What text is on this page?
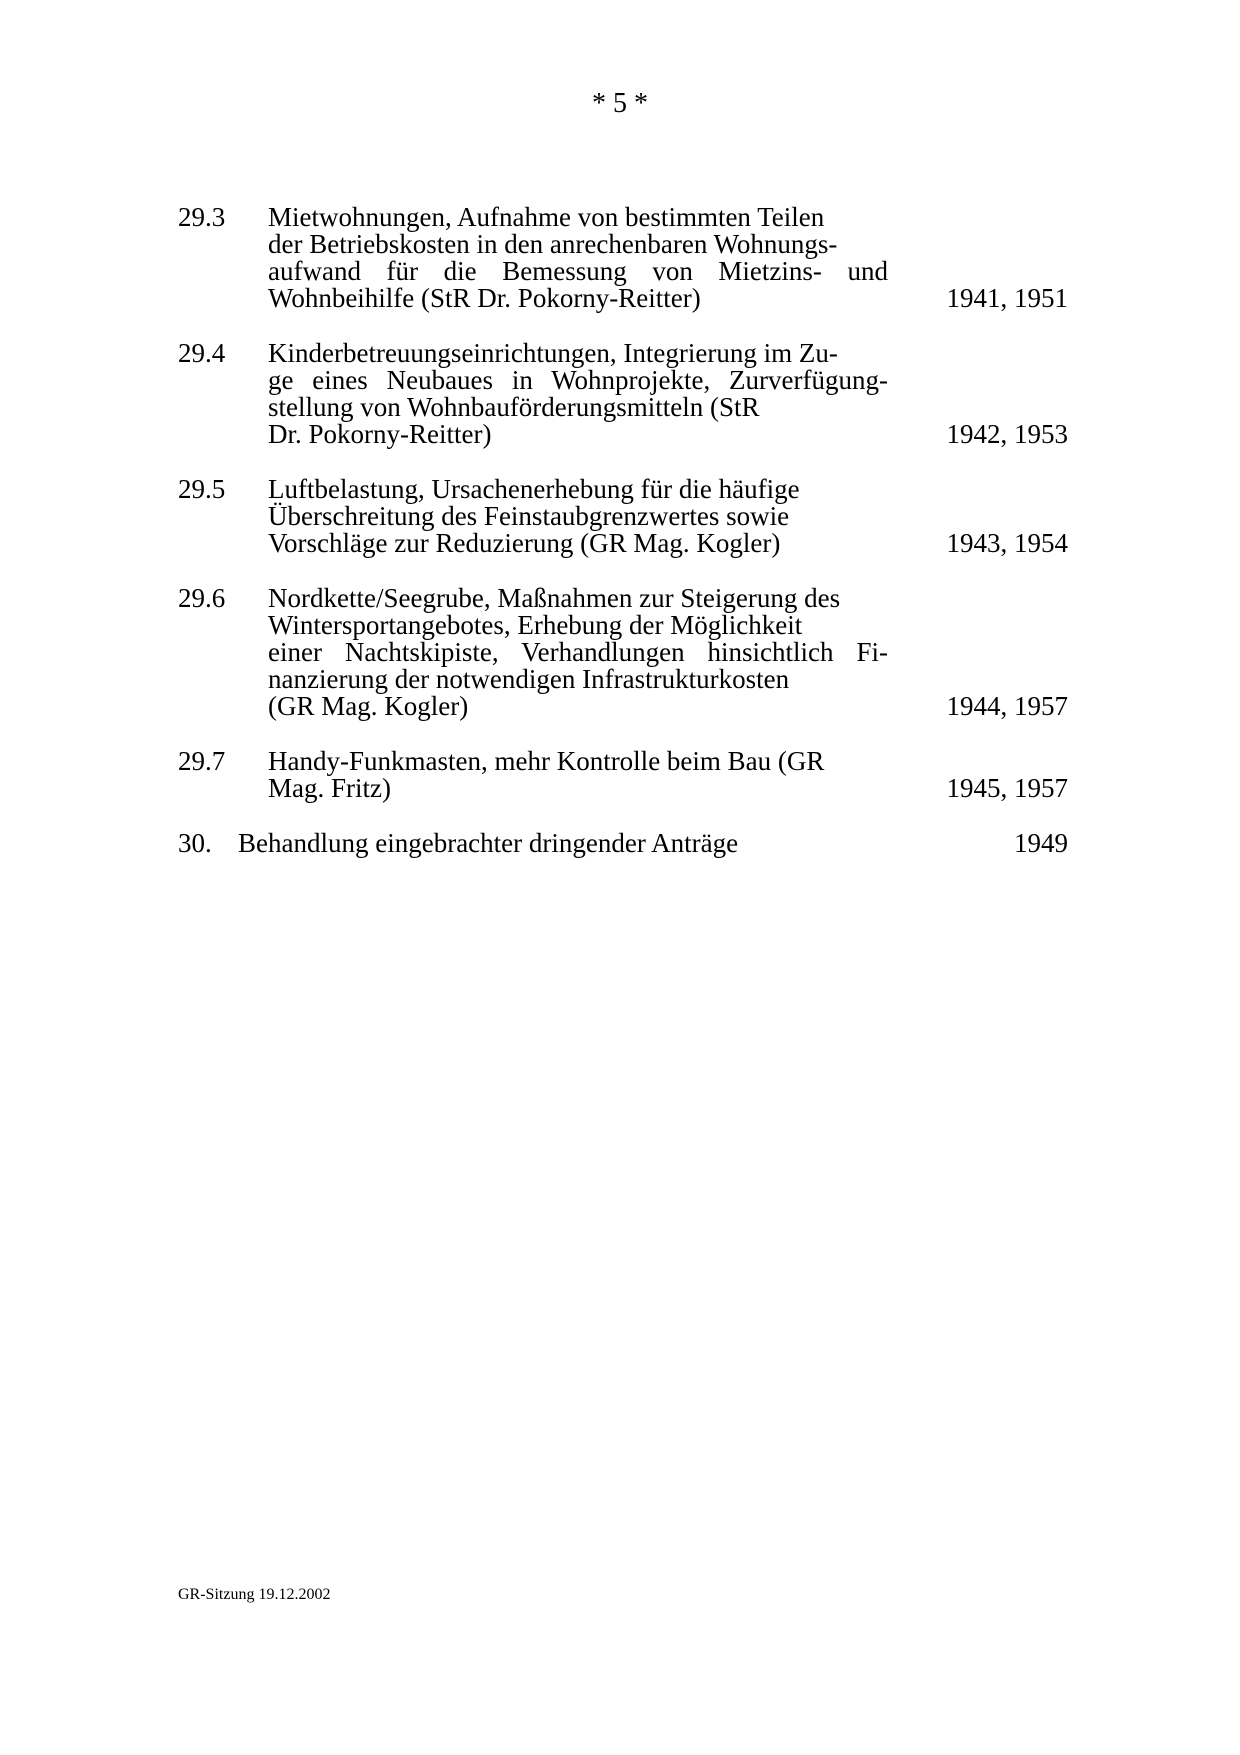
* 5 *
29.3 Mietwohnungen, Aufnahme von bestimmten Teilen
der Betriebskosten in den anrechenbaren Wohnungs-
aufwand für die Bemessung von Mietzins- und
Wohnbeihilfe (StR Dr. Pokorny-Reitter)	1941, 1951
29.4 Kinderbetreuungseinrichtungen, Integrierung im Zu-
ge eines Neubaues in Wohnprojekte, Zurverfügung-
stellung von Wohnbauförderungsmitteln (StR
Dr. Pokorny-Reitter)	1942, 1953
29.5 Luftbelastung, Ursachenerhebung für die häufige
Überschreitung des Feinstaubgrenzwertes sowie
Vorschläge zur Reduzierung (GR Mag. Kogler)	1943, 1954
29.6 Nordkette/Seegrube, Maßnahmen zur Steigerung des
Wintersportangebotes, Erhebung der Möglichkeit
einer Nachtskipiste, Verhandlungen hinsichtlich Fi-
nanzierung der notwendigen Infrastrukturkosten
(GR Mag. Kogler)	1944, 1957
29.7 Handy-Funkmasten, mehr Kontrolle beim Bau (GR
Mag. Fritz)	1945, 1957
30. Behandlung eingebrachter dringender Anträge	1949
GR-Sitzung 19.12.2002
